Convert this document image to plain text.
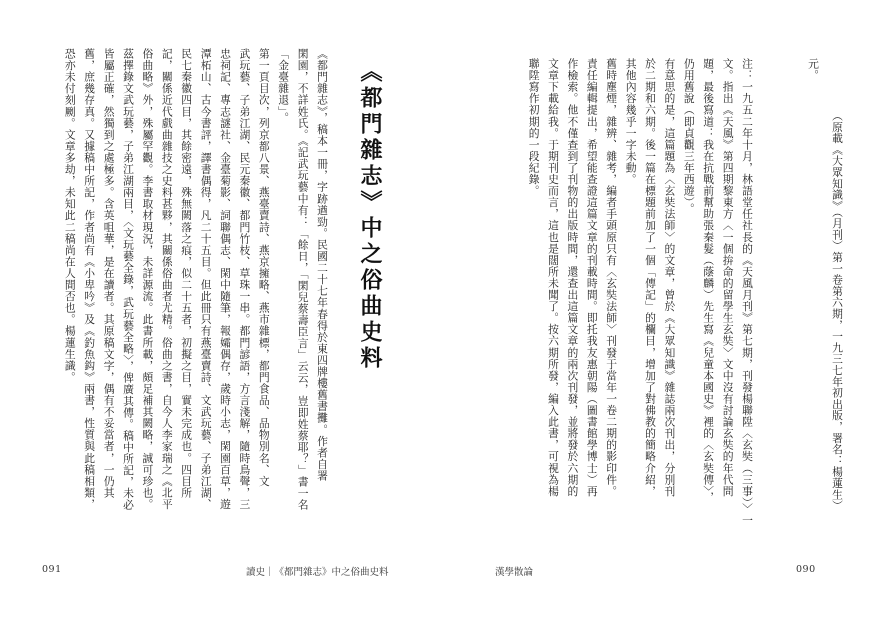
《都門雜志》，稿本一冊，字跡遒勁。民國二十七年春得於東四牌樓舊書攤。作者自署
閑園，不詳姓氏。《記武玩藝中有：「餘日，「閑兒蔡壽臣言」云云，豈即姓蔡耶？」書一名
「金臺雜退」。
第一頁目次，列京都八景、燕臺賣詩、燕京擁略、燕市雜標，都門食品、品物別名、文
武玩藝、子弟江湖、民元秦徽、都門竹枝、草珠一串。都門諺語，方言淺解，隨時鳥聲，三
忠祠記、專志謎社、金臺菊影、詞聯偶志、閑中隨筆，報孀偶存，歲時小志，閑園百草，遊
潭柘山、古今書評，譯書偶得，凡二十五目。但此冊只有燕臺賣詩、文武玩藝、子弟江湖、
民七秦徽四目，其餘密遠，殊無闕落之痕，似二十五者，初擬之目，實未完成也。四目所
記，關係近代戲曲雜技之史料甚夥，其關係俗曲者尤精。俗曲之書，自今人李家瑞之《北平
俗曲略》外，殊屬罕觀。李書取材現況，未詳源流。此書所載，頗足補其闕略，誠可珍也。
茲擇錄文武玩藝，子弟江湖兩目，〈文玩藝全錄，武玩藝全略〉，俾廣其傳。稿中所記，未必
皆屬正確，然獨到之處極多。含英咀華，是在讀者。其原稿文字，偶有不妥當者，一仍其
舊，庶幾存真。又據稿中所記，作者尚有《小卑吟》及《釣魚鈎》兩書，性質與此稿相類，
恐亦未付刻劂。文章多劫，未知此二稿尚在人間否也。楊蓮生識。	《都門雜志》中之俗曲史料
091	讀史｜《都門雜志》中之俗曲史料
元。
（原載《大眾知識》（月刊）第一卷第六期，一九三七年初出版，署名：楊蓮生）
注：一九五二年十月，林語堂任社長的《天風月刊》第七期，刊發楊聯陞〈玄奘（三事）〉一
文。指出《天風》第四期黎東方〈一個拚命的留學生玄奘〉文中沒有討論玄奘的年代問
題，最後寫道：我在抗戰前幫助張秦髮（蔭麟）先生寫《兒童本國史》裡的〈玄奘傳〉，
仍用舊說（即貞觀三年西遊）。
有意思的是，這篇題為〈玄奘法師〉的文章，曾於《大眾知識》雜誌兩次刊出，分別刊
於二期和六期。後一篇在標題前加了一個「傳記」的欄目，增加了對佛教的簡略介紹，
其他內容幾乎一字未動。
舊時塵煙，雜辨、雜考，編者手頭原只有〈玄奘法師〉刊發于當年一卷二期的影印件。
責任編輯提出，希望能查證這篇文章的刊載時間。即托我友惠朝陽（圖書館學博士）再
作檢索。他不僅查到了刊物的出版時間，還查出這篇文章的兩次刊發，並將發於六期的
文章下載給我。于期刊史而言，這也是闊所未聞了。按六期所發，編入此書，可視為楊
聯陞寫作初期的一段紀錄。
漢學散論	090
